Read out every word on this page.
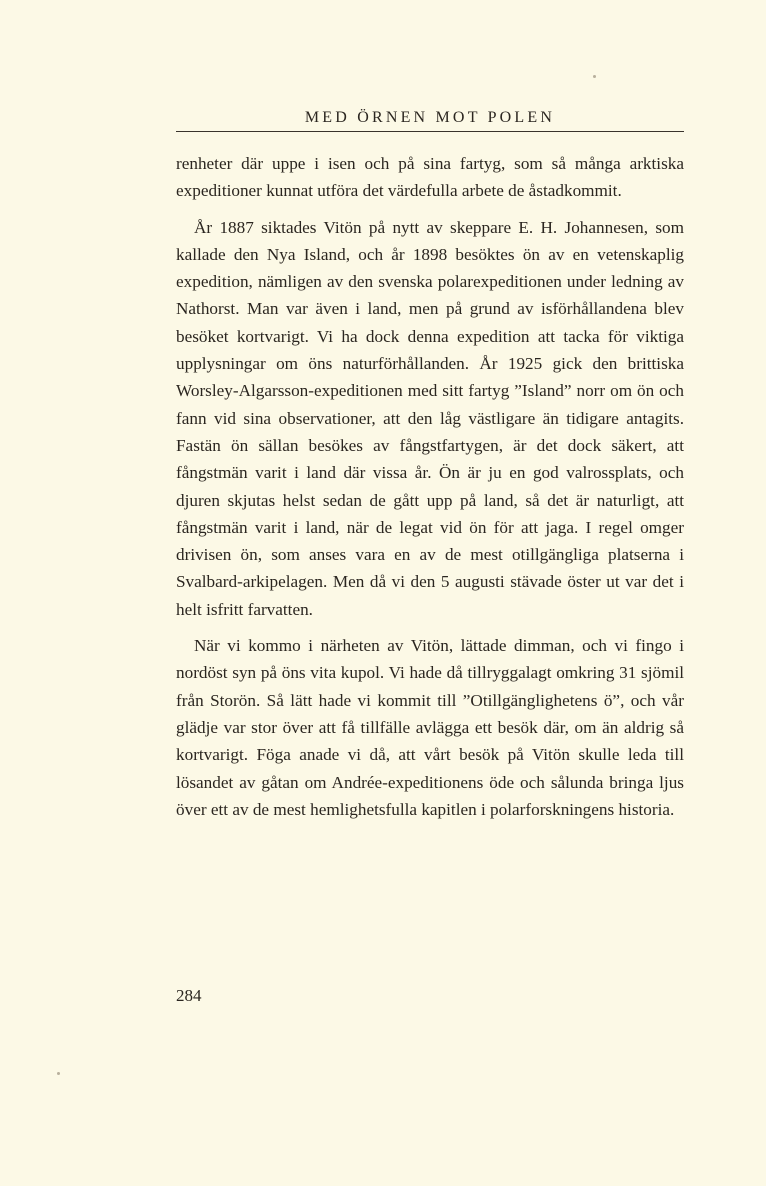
MED ÖRNEN MOT POLEN

renheter där uppe i isen och på sina fartyg, som så många arktiska expeditioner kunnat utföra det värdefulla arbete de åstadkommit.

År 1887 siktades Vitön på nytt av skeppare E. H. Johannesen, som kallade den Nya Island, och år 1898 besöktes ön av en vetenskaplig expedition, nämligen av den svenska polarexpeditionen under ledning av Nathorst. Man var även i land, men på grund av isförhållandena blev besöket kortvarigt. Vi ha dock denna expedition att tacka för viktiga upplysningar om öns naturförhållanden. År 1925 gick den brittiska Worsley-Algarsson-expeditionen med sitt fartyg ”Island” norr om ön och fann vid sina observationer, att den låg västligare än tidigare antagits. Fastän ön sällan besökes av fångstfartygen, är det dock säkert, att fångstmän varit i land där vissa år. Ön är ju en god valrossplats, och djuren skjutas helst sedan de gått upp på land, så det är naturligt, att fångstmän varit i land, när de legat vid ön för att jaga. I regel omger drivisen ön, som anses vara en av de mest otillgängliga platserna i Svalbard-arkipelagen. Men då vi den 5 augusti stävade öster ut var det i helt isfritt farvatten.

När vi kommo i närheten av Vitön, lättade dimman, och vi fingo i nordöst syn på öns vita kupol. Vi hade då tillryggalagt omkring 31 sjömil från Storön. Så lätt hade vi kommit till ”Otillgänglighetens ö”, och vår glädje var stor över att få tillfälle avlägga ett besök där, om än aldrig så kortvarigt. Föga anade vi då, att vårt besök på Vitön skulle leda till lösandet av gåtan om Andrée-expeditionens öde och sålunda bringa ljus över ett av de mest hemlighetsfulla kapitlen i polarforskningens historia.

284
